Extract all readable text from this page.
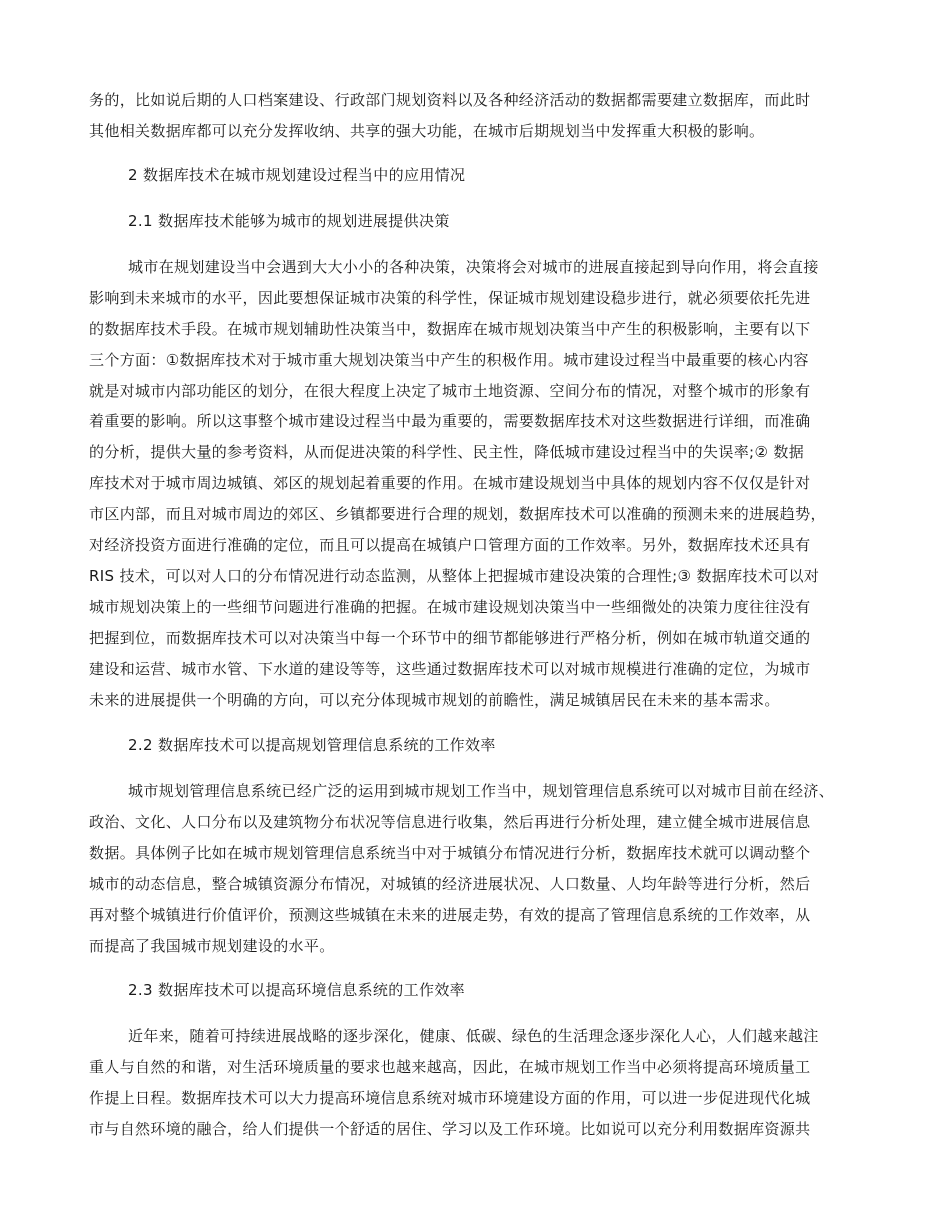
务的，比如说后期的人口档案建设、行政部门规划资料以及各种经济活动的数据都需要建立数据库，而此时
其他相关数据库都可以充分发挥收纳、共享的强大功能，在城市后期规划当中发挥重大积极的影响。
2 数据库技术在城市规划建设过程当中的应用情况
2.1 数据库技术能够为城市的规划进展提供决策
城市在规划建设当中会遇到大大小小的各种决策，决策将会对城市的进展直接起到导向作用，将会直接
影响到未来城市的水平，因此要想保证城市决策的科学性，保证城市规划建设稳步进行，就必须要依托先进
的数据库技术手段。在城市规划辅助性决策当中，数据库在城市规划决策当中产生的积极影响，主要有以下
三个方面：①数据库技术对于城市重大规划决策当中产生的积极作用。城市建设过程当中最重要的核心内容
就是对城市内部功能区的划分，在很大程度上决定了城市土地资源、空间分布的情况，对整个城市的形象有
着重要的影响。所以这事整个城市建设过程当中最为重要的，需要数据库技术对这些数据进行详细，而准确
的分析，提供大量的参考资料，从而促进决策的科学性、民主性，降低城市建设过程当中的失误率;② 数据
库技术对于城市周边城镇、郊区的规划起着重要的作用。在城市建设规划当中具体的规划内容不仅仅是针对
市区内部，而且对城市周边的郊区、乡镇都要进行合理的规划，数据库技术可以准确的预测未来的进展趋势，
对经济投资方面进行准确的定位，而且可以提高在城镇户口管理方面的工作效率。另外，数据库技术还具有
RIS 技术，可以对人口的分布情况进行动态监测，从整体上把握城市建设决策的合理性;③ 数据库技术可以对
城市规划决策上的一些细节问题进行准确的把握。在城市建设规划决策当中一些细微处的决策力度往往没有
把握到位，而数据库技术可以对决策当中每一个环节中的细节都能够进行严格分析，例如在城市轨道交通的
建设和运营、城市水管、下水道的建设等等，这些通过数据库技术可以对城市规模进行准确的定位，为城市
未来的进展提供一个明确的方向，可以充分体现城市规划的前瞻性，满足城镇居民在未来的基本需求。
2.2 数据库技术可以提高规划管理信息系统的工作效率
城市规划管理信息系统已经广泛的运用到城市规划工作当中，规划管理信息系统可以对城市目前在经济、
政治、文化、人口分布以及建筑物分布状况等信息进行收集，然后再进行分析处理，建立健全城市进展信息
数据。具体例子比如在城市规划管理信息系统当中对于城镇分布情况进行分析，数据库技术就可以调动整个
城市的动态信息，整合城镇资源分布情况，对城镇的经济进展状况、人口数量、人均年龄等进行分析，然后
再对整个城镇进行价值评价，预测这些城镇在未来的进展走势，有效的提高了管理信息系统的工作效率，从
而提高了我国城市规划建设的水平。
2.3 数据库技术可以提高环境信息系统的工作效率
近年来，随着可持续进展战略的逐步深化，健康、低碳、绿色的生活理念逐步深化人心，人们越来越注
重人与自然的和谐，对生活环境质量的要求也越来越高，因此，在城市规划工作当中必须将提高环境质量工
作提上日程。数据库技术可以大力提高环境信息系统对城市环境建设方面的作用，可以进一步促进现代化城
市与自然环境的融合，给人们提供一个舒适的居住、学习以及工作环境。比如说可以充分利用数据库资源共
